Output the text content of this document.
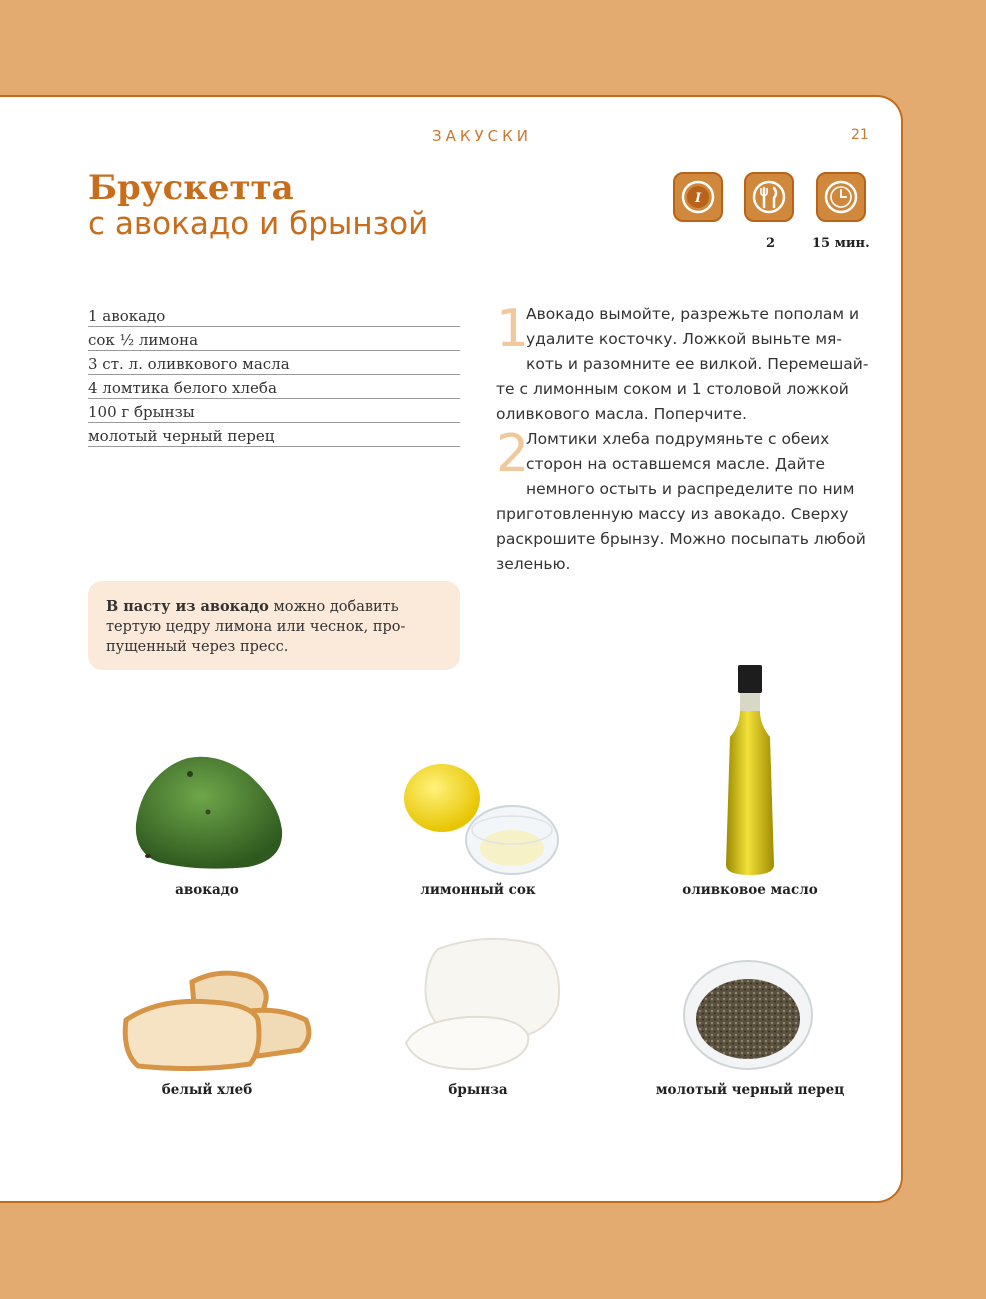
ЗАКУСКИ	21
Брускетта
с авокадо и брынзой
I
2	15 мин.
1 авокадо
сок ½ лимона
3 ст. л. оливкового масла
4 ломтика белого хлеба
100 г брынзы
молотый черный перец
1
Авокадо вымойте, разрежьте пополам и удалите косточку. Ложкой выньте мя-коть и разомните ее вилкой. Перемешай-те с лимонным соком и 1 столовой ложкой оливкового масла. Поперчите.
2
Ломтики хлеба подрумяньте с обеих сторон на оставшемся масле. Дайте немного остыть и распределите по ним приготовленную массу из авокадо. Сверху раскрошите брынзу. Можно посыпать любой зеленью.
В пасту из авокадо можно добавить тертую цедру лимона или чеснок, про-пущенный через пресс.
авокадо	лимонный сок	оливковое масло
белый хлеб	брынза	молотый черный перец
